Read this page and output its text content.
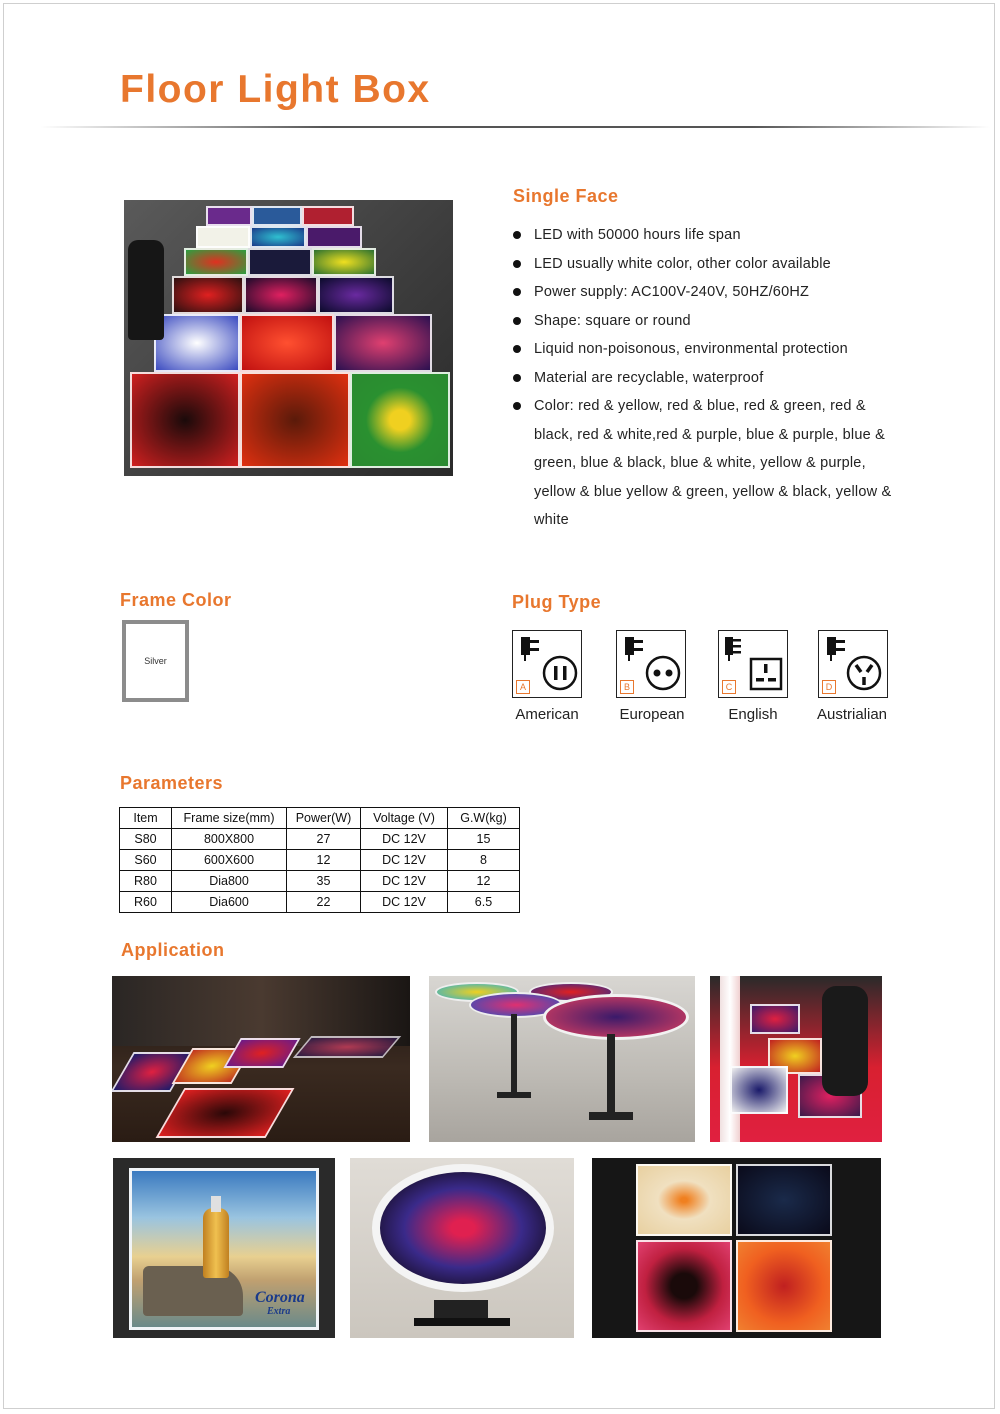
Floor Light Box
Single Face
LED with 50000 hours life span
LED usually white color, other color available
Power supply: AC100V-240V, 50HZ/60HZ
Shape: square or round
Liquid non-poisonous, environmental protection
Material are recyclable, waterproof
Color: red & yellow, red & blue, red & green, red & black, red & white,red & purple, blue & purple, blue & green, blue & black, blue & white, yellow & purple, yellow & blue yellow & green, yellow & black, yellow & white
Frame Color
Silver
Plug Type
A
American
B
European
C
English
D
Austrialian
Parameters
Item	Frame size(mm)	Power(W)	Voltage (V)	G.W(kg)
S80	800X800	27	DC 12V	15
S60	600X600	12	DC 12V	8
R80	Dia800	35	DC 12V	12
R60	Dia600	22	DC 12V	6.5
Application
Corona
Extra
